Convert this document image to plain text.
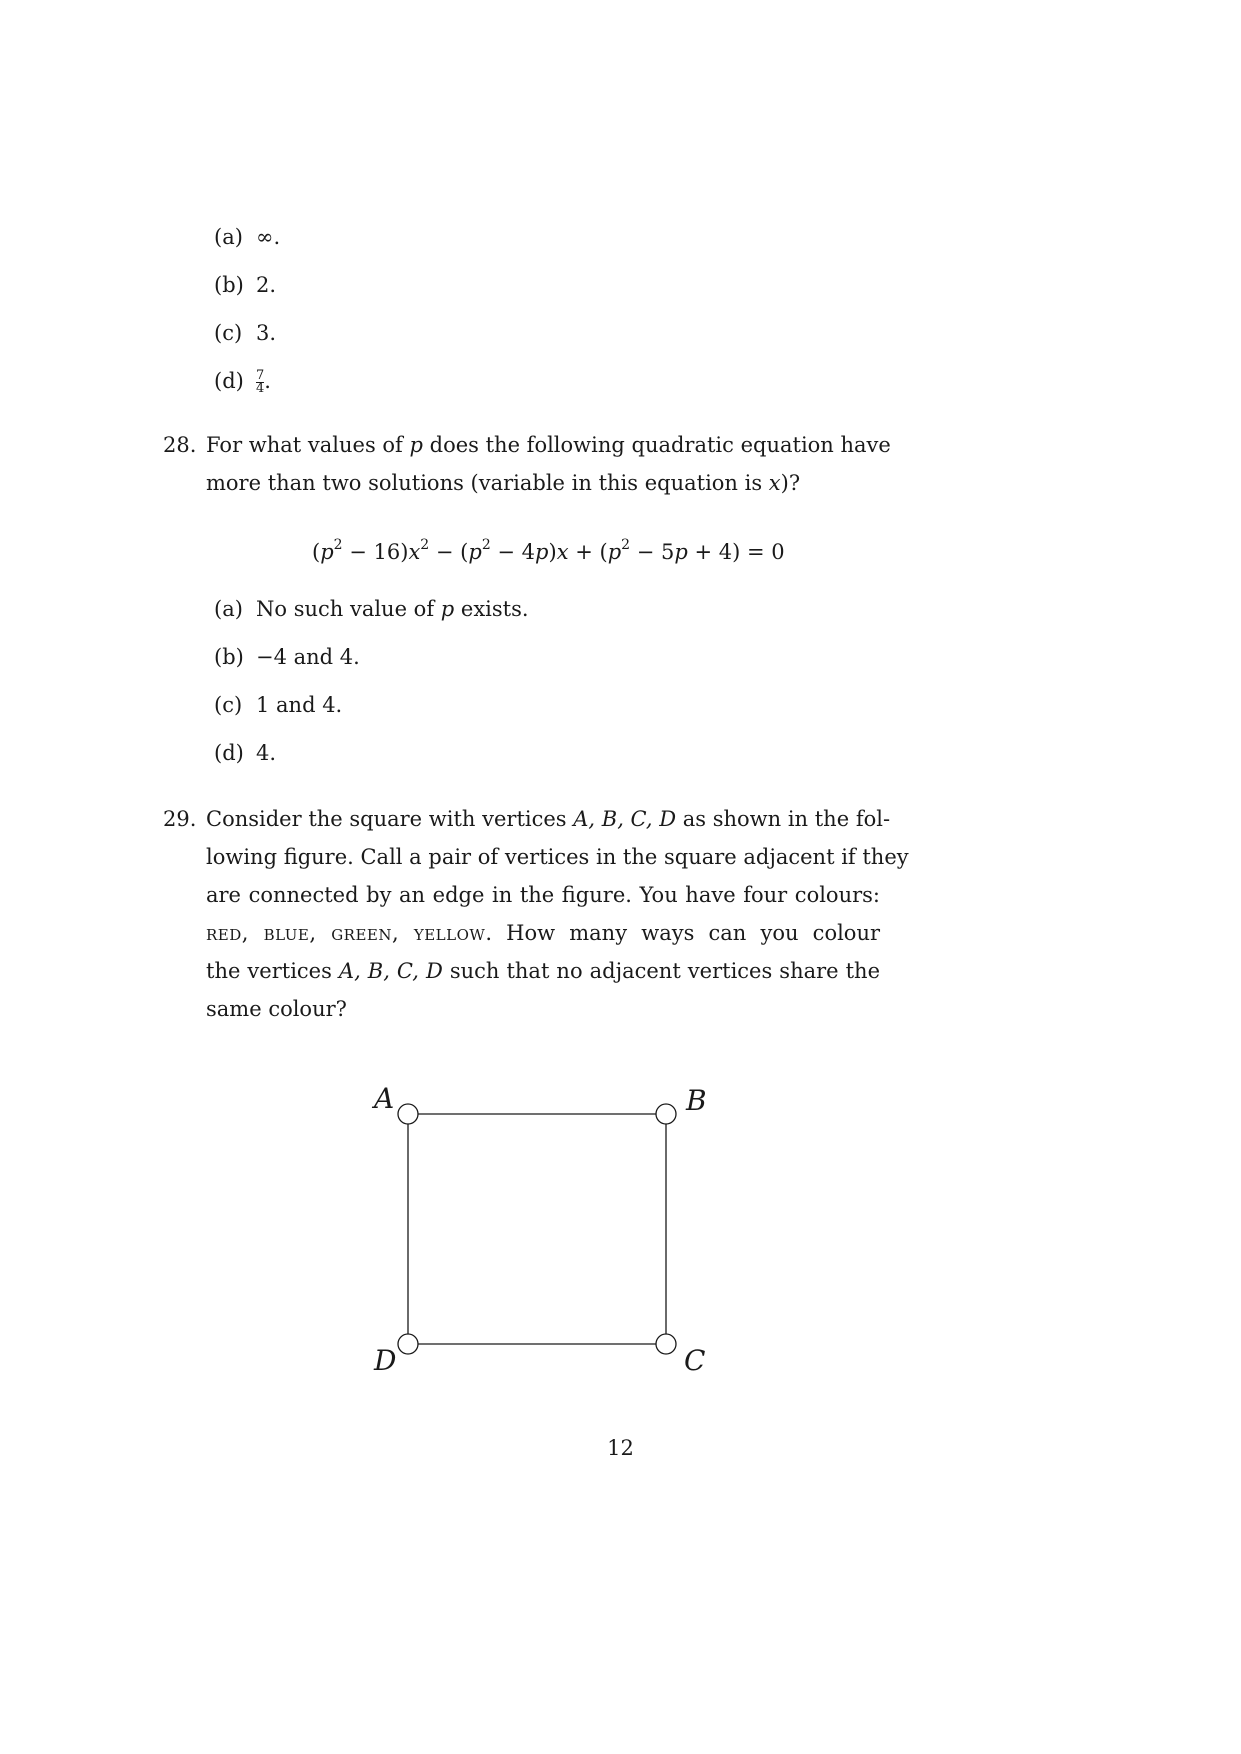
(a) ∞.
(b) 2.
(c) 3.
$(d) \frac{7}{4}$ .
28. For what values of p does the following quadratic equation have
more than two solutions (variable in this equation is x)?
$(p^2 - 16)x^2 - (p^2 - 4p)x + (p^2 - 5p + 4) = 0$
(a) No such value of p exists.
(b) −4 and 4.
(c) 1 and 4.
(d) 4.
29. Consider the square with vertices A, B, C, D as shown in the fol-
lowing figure. Call a pair of vertices in the square adjacent if they
are connected by an edge in the figure. You have four colours:
red, blue, green, yellow. How many ways can you colour
the vertices A, B, C, D such that no adjacent vertices share the
same colour?
A	B
C
D
12
